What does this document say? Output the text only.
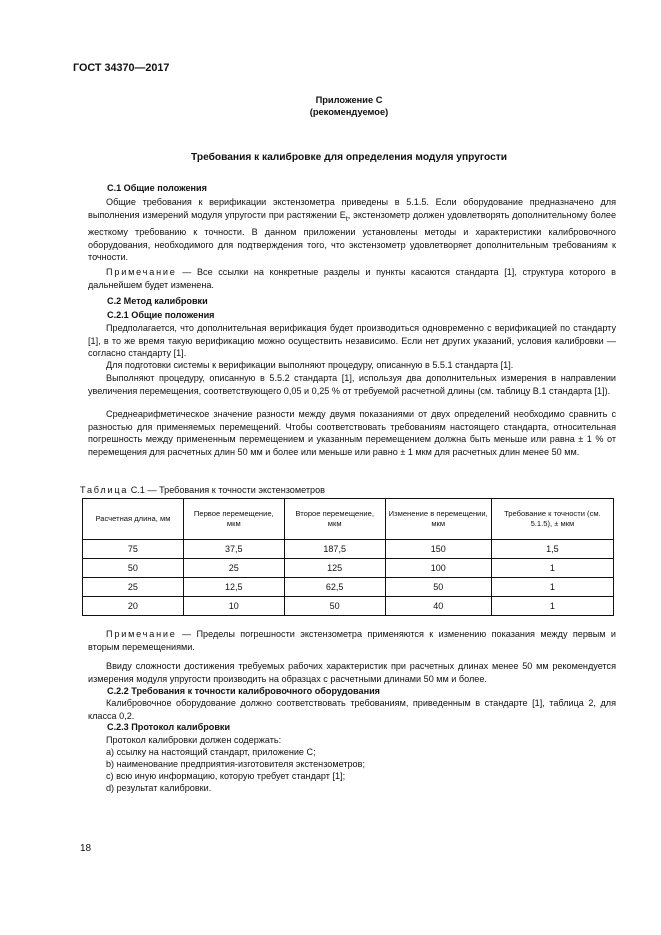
ГОСТ 34370—2017
Приложение С
(рекомендуемое)
Требования к калибровке для определения модуля упругости
С.1 Общие положения

Общие требования к верификации экстензометра приведены в 5.1.5. Если оборудование предназначено для выполнения измерений модуля упругости при растяжении $E_t$, экстензометр должен удовлетворять дополнительному более жесткому требованию к точности. В данном приложении установлены методы и характеристики калибровочного оборудования, необходимого для подтверждения того, что экстензометр удовлетворяет дополнительным требованиям к точности.

Примечание — Все ссылки на конкретные разделы и пункты касаются стандарта [1], структура которого в дальнейшем будет изменена.

С.2 Метод калибровки
С.2.1 Общие положения

Предполагается, что дополнительная верификация будет производиться одновременно с верификацией по стандарту [1], в то же время такую верификацию можно осуществить независимо. Если нет других указаний, условия калибровки — согласно стандарту [1].

Для подготовки системы к верификации выполняют процедуру, описанную в 5.5.1 стандарта [1].

Выполняют процедуру, описанную в 5.5.2 стандарта [1], используя два дополнительных измерения в направлении увеличения перемещения, соответствующего 0,05 и 0,25 % от требуемой расчетной длины (см. таблицу В.1 стандарта [1]).

Среднеарифметическое значение разности между двумя показаниями от двух определений необходимо сравнить с разностью для применяемых перемещений. Чтобы соответствовать требованиям настоящего стандарта, относительная погрешность между примененным перемещением и указанным перемещением должна быть меньше или равна ± 1 % от перемещения для расчетных длин 50 мм и более или меньше или равно ± 1 мкм для расчетных длин менее 50 мм.

Таблица С.1 — Требования к точности экстензометров
Расчетная длина, мм	Первое перемещение, мкм	Второе перемещение, мкм	Изменение в перемещении, мкм	Требование к точности (см. 5.1.5), ± мкм
75	37,5	187,5	150	1,5
50	25	125	100	1
25	12,5	62,5	50	1
20	10	50	40	1

Примечание — Пределы погрешности экстензометра применяются к изменению показания между первым и вторым перемещениями.

Ввиду сложности достижения требуемых рабочих характеристик при расчетных длинах менее 50 мм рекомендуется измерения модуля упругости производить на образцах с расчетными длинами 50 мм и более.

С.2.2 Требования к точности калибровочного оборудования

Калибровочное оборудование должно соответствовать требованиям, приведенным в стандарте [1], таблица 2, для класса 0,2.

С.2.3 Протокол калибровки
Протокол калибровки должен содержать:
a) ссылку на настоящий стандарт, приложение С;
b) наименование предприятия-изготовителя экстензометров;
c) всю иную информацию, которую требует стандарт [1];
d) результат калибровки.
18
